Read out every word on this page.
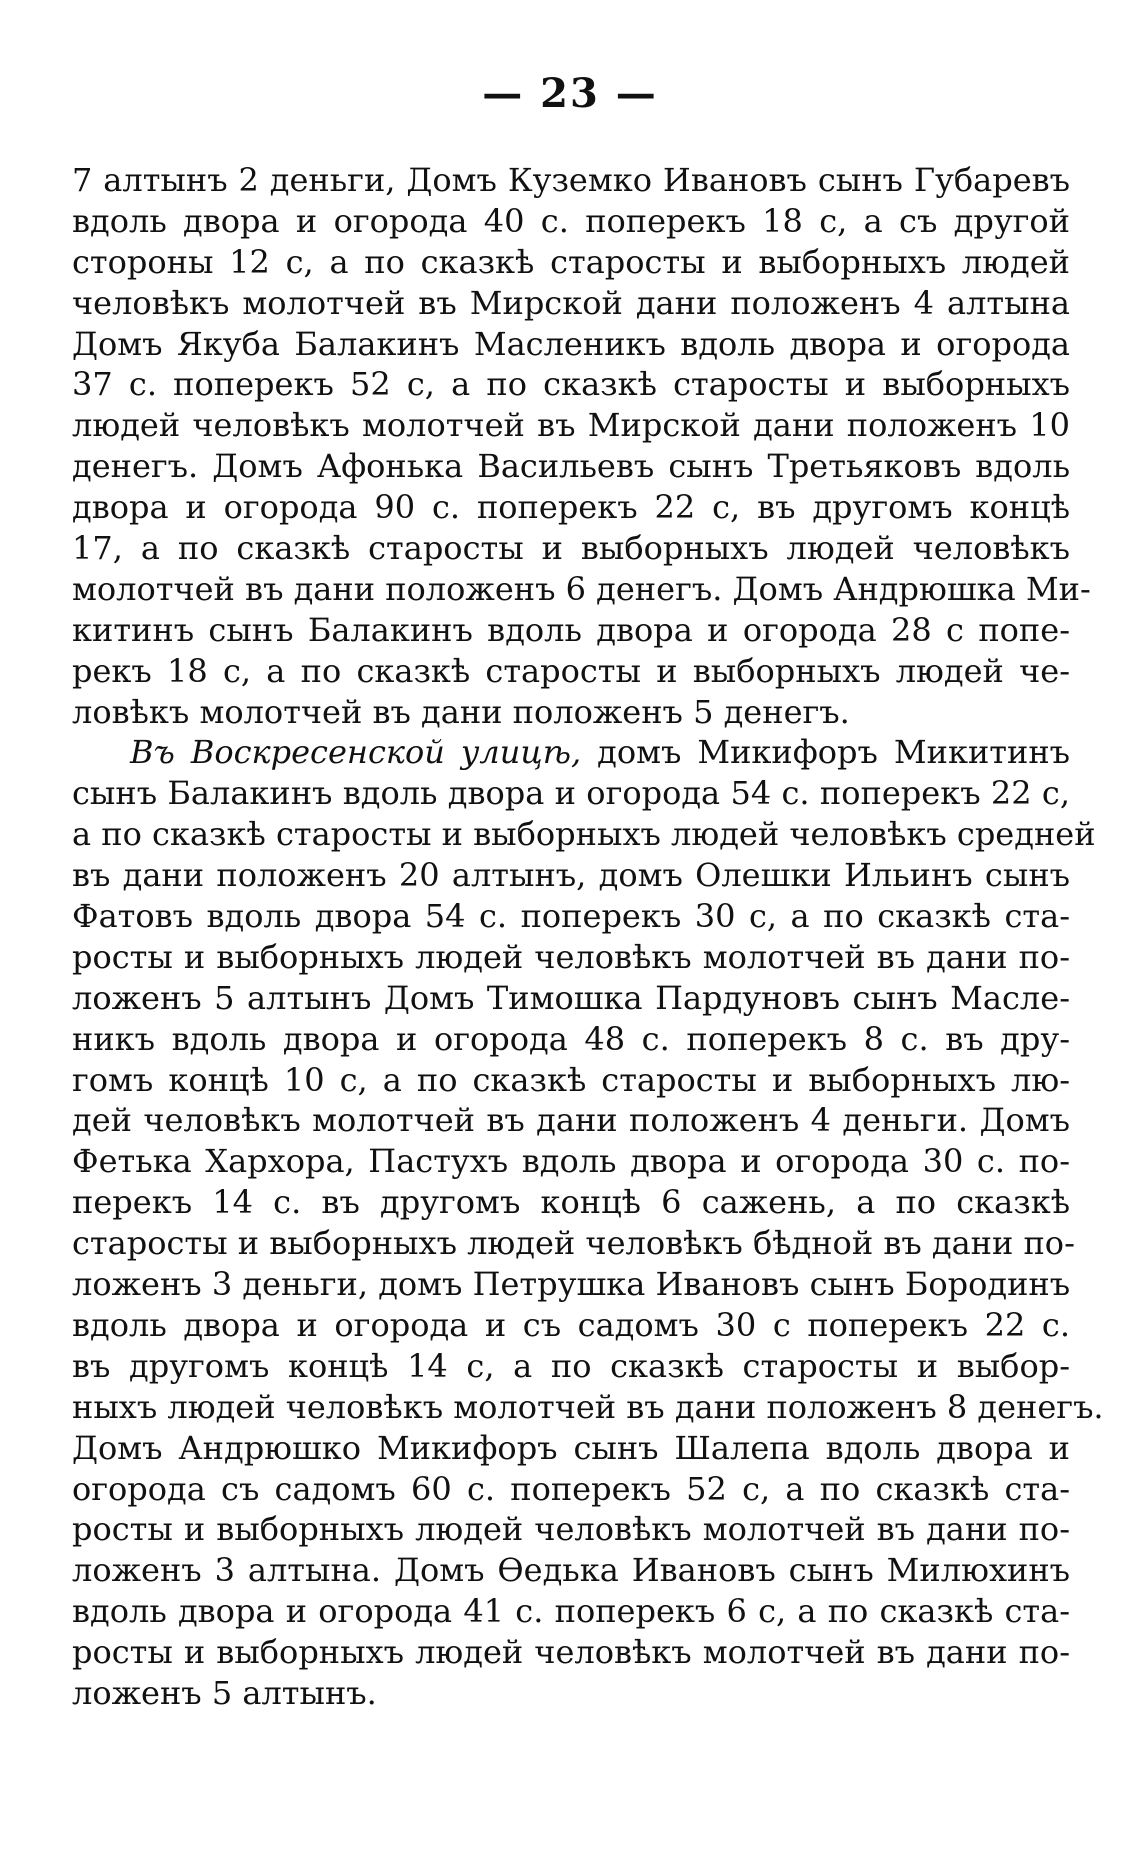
— 23 —
7 алтынъ 2 деньги, Домъ Куземко Ивановъ сынъ Губаревъ
вдоль двора и огорода 40 с. поперекъ 18 с, а съ другой
стороны 12 с, а по сказкѣ старосты и выборныхъ людей
человѣкъ молотчей въ Мирской дани положенъ 4 алтына
Домъ Якуба Балакинъ Масленикъ вдоль двора и огорода
37 с. поперекъ 52 с, а по сказкѣ старосты и выборныхъ
людей человѣкъ молотчей въ Мирской дани положенъ 10
денегъ. Домъ Афонька Васильевъ сынъ Третьяковъ вдоль
двора и огорода 90 с. поперекъ 22 с, въ другомъ концѣ
17, а по сказкѣ старосты и выборныхъ людей человѣкъ
молотчей въ дани положенъ 6 денегъ. Домъ Андрюшка Ми-
китинъ сынъ Балакинъ вдоль двора и огорода 28 с попе-
рекъ 18 с, а по сказкѣ старосты и выборныхъ людей че-
ловѣкъ молотчей въ дани положенъ 5 денегъ.
Въ Воскресенской улицѣ, домъ Микифоръ Микитинъ
сынъ Балакинъ вдоль двора и огорода 54 с. поперекъ 22 с,
а по сказкѣ старосты и выборныхъ людей человѣкъ средней
въ дани положенъ 20 алтынъ, домъ Олешки Ильинъ сынъ
Фатовъ вдоль двора 54 с. поперекъ 30 с, а по сказкѣ ста-
росты и выборныхъ людей человѣкъ молотчей въ дани по-
ложенъ 5 алтынъ Домъ Тимошка Пардуновъ сынъ Масле-
никъ вдоль двора и огорода 48 с. поперекъ 8 с. въ дру-
гомъ концѣ 10 с, а по сказкѣ старосты и выборныхъ лю-
дей человѣкъ молотчей въ дани положенъ 4 деньги. Домъ
Фетька Хархора, Пастухъ вдоль двора и огорода 30 с. по-
перекъ 14 с. въ другомъ концѣ 6 сажень, а по сказкѣ
старосты и выборныхъ людей человѣкъ бѣдной въ дани по-
ложенъ 3 деньги, домъ Петрушка Ивановъ сынъ Бородинъ
вдоль двора и огорода и съ садомъ 30 с поперекъ 22 с.
въ другомъ концѣ 14 с, а по сказкѣ старосты и выбор-
ныхъ людей человѣкъ молотчей въ дани положенъ 8 денегъ.
Домъ Андрюшко Микифоръ сынъ Шалепа вдоль двора и
огорода съ садомъ 60 с. поперекъ 52 с, а по сказкѣ ста-
росты и выборныхъ людей человѣкъ молотчей въ дани по-
ложенъ 3 алтына. Домъ Ѳедька Ивановъ сынъ Милюхинъ
вдоль двора и огорода 41 с. поперекъ 6 с, а по сказкѣ ста-
росты и выборныхъ людей человѣкъ молотчей въ дани по-
ложенъ 5 алтынъ.
